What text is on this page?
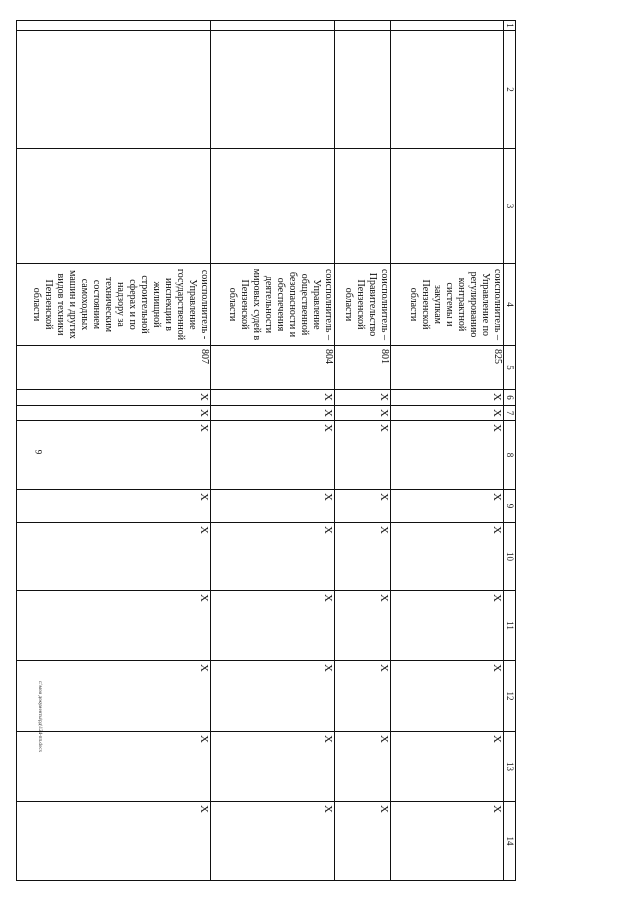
9
c:\мои документы\рд\124-пп.docx
1	2	3	4	5	6	7	8	9	10	11	12	13	14
			соисполнитель – Управление по регулированию контрактной системы и закупкам Пензенской области	825	X	X	X	X	X	X	X	X	X
			соисполнитель – Правительство Пензенской области	801	X	X	X	X	X	X	X	X	X
			соисполнитель – Управление общественной безопасности и обеспечения деятельности мировых судей в Пензенской области	804	X	X	X	X	X	X	X	X	X
			соисполнитель - Управление государственной инспекции в жилищной строительной сферах и по надзору за техническим состоянием самоходных машин и других видов техники Пензенской области	807	X	X	X	X	X	X	X	X	X
